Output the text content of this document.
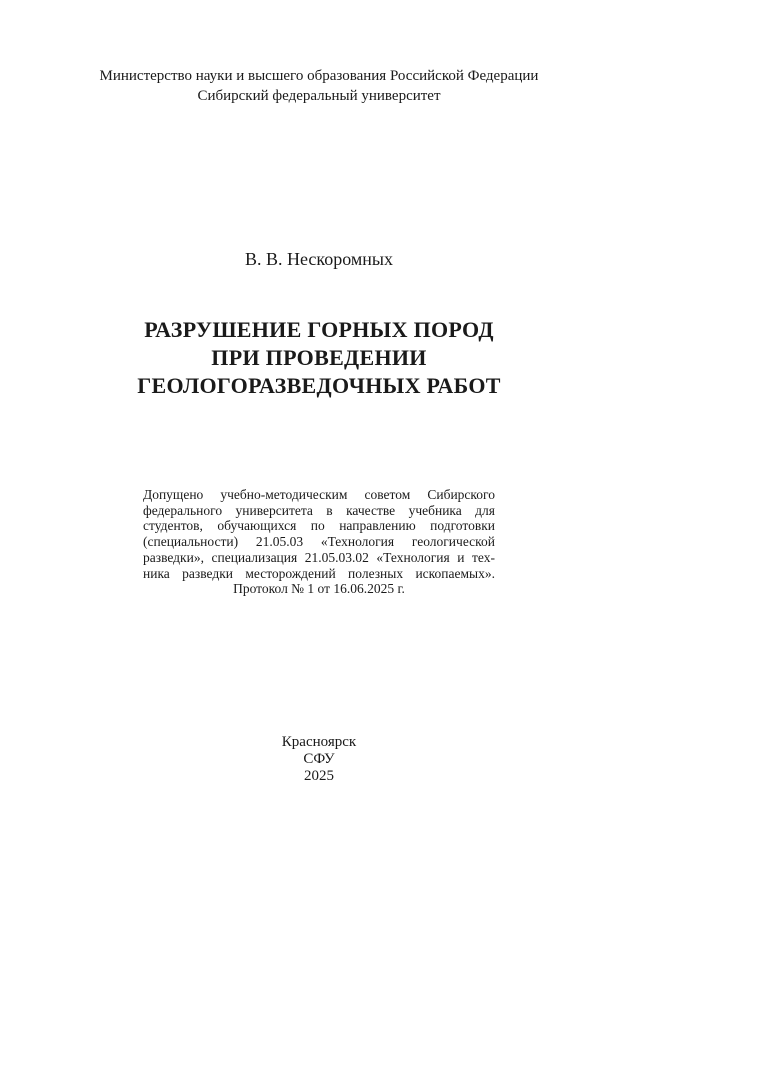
Министерство науки и высшего образования Российской Федерации
Сибирский федеральный университет
В. В. Нескоромных
РАЗРУШЕНИЕ ГОРНЫХ ПОРОД
ПРИ ПРОВЕДЕНИИ
ГЕОЛОГОРАЗВЕДОЧНЫХ РАБОТ
Допущено учебно-методическим советом Сибирского
федерального университета в качестве учебника для
студентов, обучающихся по направлению подготовки
(специальности) 21.05.03 «Технология геологической
разведки», специализация 21.05.03.02 «Технология и тех-
ника разведки месторождений полезных ископаемых».
Протокол № 1 от 16.06.2025 г.
Красноярск
СФУ
2025
